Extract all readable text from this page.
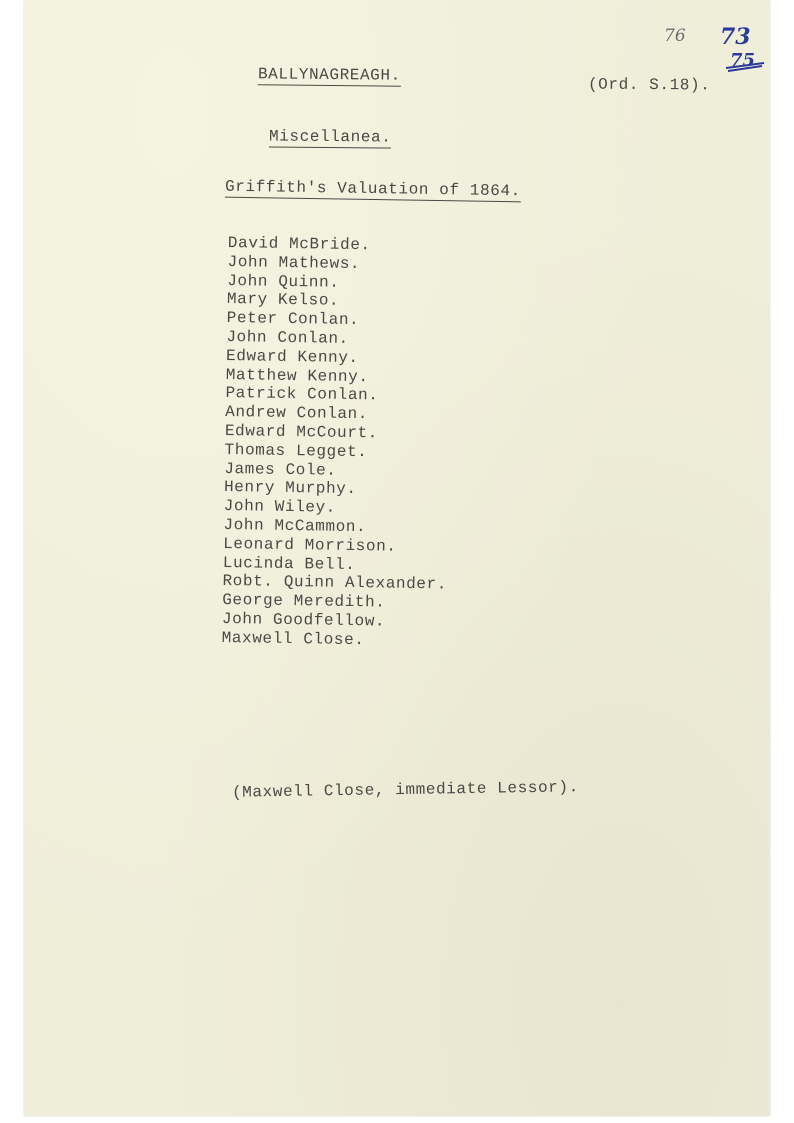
76 73
75
BALLYNAGREAGH.
(Ord. S.18).
Miscellanea.
Griffith's Valuation of 1864.
David McBride.
John Mathews.
John Quinn.
Mary Kelso.
Peter Conlan.
John Conlan.
Edward Kenny.
Matthew Kenny.
Patrick Conlan.
Andrew Conlan.
Edward McCourt.
Thomas Legget.
James Cole.
Henry Murphy.
John Wiley.
John McCammon.
Leonard Morrison.
Lucinda Bell.
Robt. Quinn Alexander.
George Meredith.
John Goodfellow.
Maxwell Close.

(Maxwell Close, immediate Lessor).
